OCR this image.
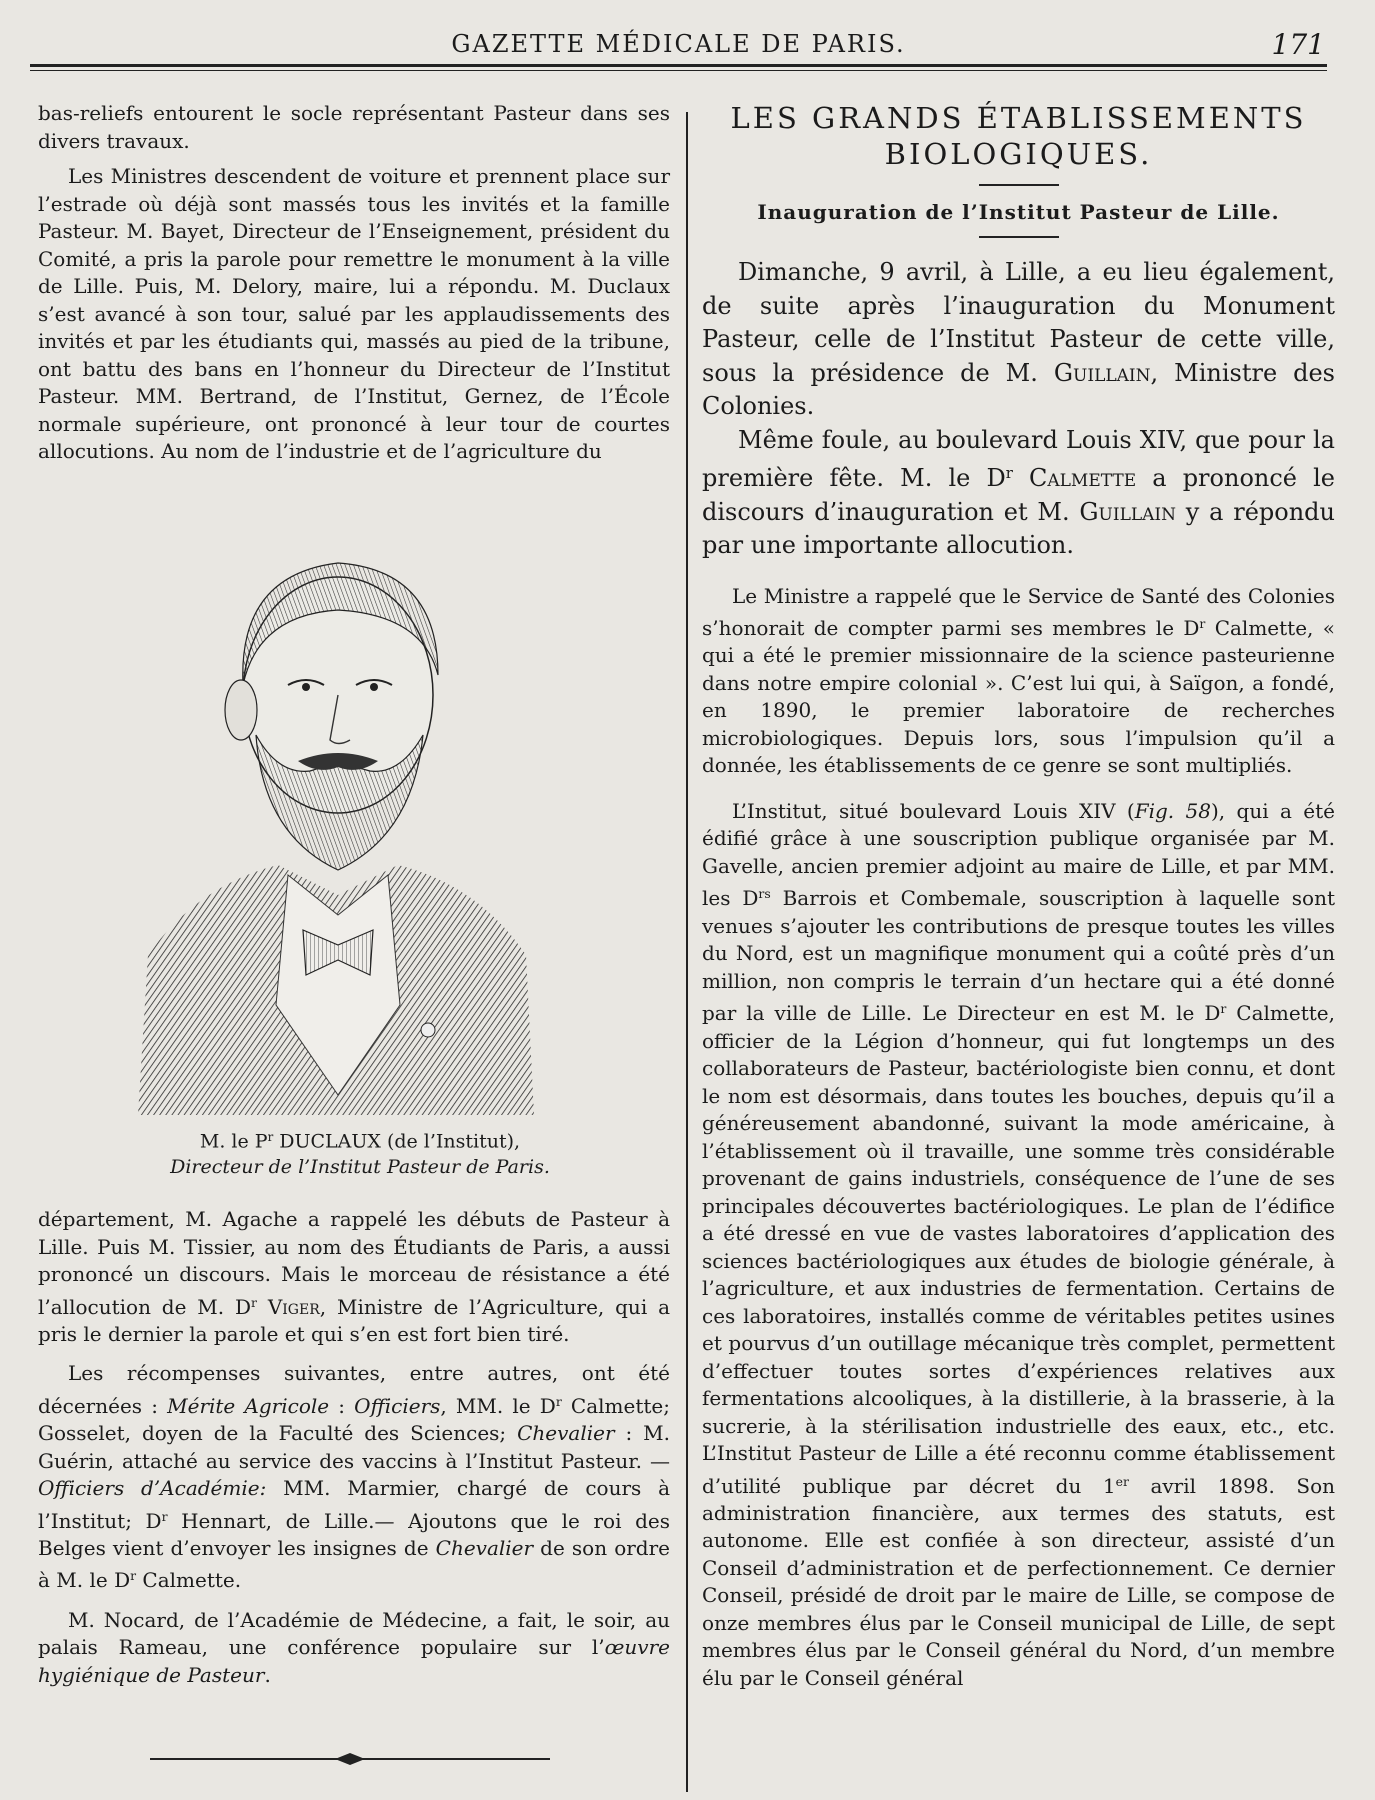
GAZETTE MÉDICALE DE PARIS.	171

bas-reliefs entourent le socle représentant Pasteur dans ses divers travaux.

Les Ministres descendent de voiture et prennent place sur l’estrade où déjà sont massés tous les invités et la famille Pasteur. M. Bayet, Directeur de l’Enseignement, président du Comité, a pris la parole pour remettre le monument à la ville de Lille. Puis, M. Delory, maire, lui a répondu. M. Duclaux s’est avancé à son tour, salué par les applaudissements des invités et par les étudiants qui, massés au pied de la tribune, ont battu des bans en l’honneur du Directeur de l’Institut Pasteur. MM. Bertrand, de l’Institut, Gernez, de l’École normale supérieure, ont prononcé à leur tour de courtes allocutions. Au nom de l’industrie et de l’agriculture du

M. le $P^r$ DUCLAUX (de l’Institut),
Directeur de l’Institut Pasteur de Paris.

département, M. Agache a rappelé les débuts de Pasteur à Lille. Puis M. Tissier, au nom des Étudiants de Paris, a aussi prononcé un discours. Mais le morceau de résistance a été l’allocution de M. $D^r$ Viger, Ministre de l’Agriculture, qui a pris le dernier la parole et qui s’en est fort bien tiré.

Les récompenses suivantes, entre autres, ont été décernées : Mérite Agricole : Officiers, MM. le $D^r$ Calmette; Gosselet, doyen de la Faculté des Sciences; Chevalier : M. Guérin, attaché au service des vaccins à l’Institut Pasteur. — Officiers d’Académie: MM. Marmier, chargé de cours à l’Institut; $D^r$ Hennart, de Lille.— Ajoutons que le roi des Belges vient d’envoyer les insignes de Chevalier de son ordre à M. le $D^r$ Calmette.

M. Nocard, de l’Académie de Médecine, a fait, le soir, au palais Rameau, une conférence populaire sur l’œuvre hygiénique de Pasteur.

LES GRANDS ÉTABLISSEMENTS
BIOLOGIQUES.

Inauguration de l’Institut Pasteur de Lille.

Dimanche, 9 avril, à Lille, a eu lieu également, de suite après l’inauguration du Monument Pasteur, celle de l’Institut Pasteur de cette ville, sous la présidence de M. Guillain, Ministre des Colonies.

Même foule, au boulevard Louis XIV, que pour la première fête. M. le $D^r$ Calmette a prononcé le discours d’inauguration et M. Guillain y a répondu par une importante allocution.

Le Ministre a rappelé que le Service de Santé des Colonies s’honorait de compter parmi ses membres le $D^r$ Calmette, « qui a été le premier missionnaire de la science pasteurienne dans notre empire colonial ». C’est lui qui, à Saïgon, a fondé, en 1890, le premier laboratoire de recherches microbiologiques. Depuis lors, sous l’impulsion qu’il a donnée, les établissements de ce genre se sont multipliés.

L’Institut, situé boulevard Louis XIV (Fig. 58), qui a été édifié grâce à une souscription publique organisée par M. Gavelle, ancien premier adjoint au maire de Lille, et par MM. les $D^{rs}$ Barrois et Combemale, souscription à laquelle sont venues s’ajouter les contributions de presque toutes les villes du Nord, est un magnifique monument qui a coûté près d’un million, non compris le terrain d’un hectare qui a été donné par la ville de Lille. Le Directeur en est M. le $D^r$ Calmette, officier de la Légion d’honneur, qui fut longtemps un des collaborateurs de Pasteur, bactériologiste bien connu, et dont le nom est désormais, dans toutes les bouches, depuis qu’il a généreusement abandonné, suivant la mode américaine, à l’établissement où il travaille, une somme très considérable provenant de gains industriels, conséquence de l’une de ses principales découvertes bactériologiques. Le plan de l’édifice a été dressé en vue de vastes laboratoires d’application des sciences bactériologiques aux études de biologie générale, à l’agriculture, et aux industries de fermentation. Certains de ces laboratoires, installés comme de véritables petites usines et pourvus d’un outillage mécanique très complet, permettent d’effectuer toutes sortes d’expériences relatives aux fermentations alcooliques, à la distillerie, à la brasserie, à la sucrerie, à la stérilisation industrielle des eaux, etc., etc. L’Institut Pasteur de Lille a été reconnu comme établissement d’utilité publique par décret du 1er avril 1898. Son administration financière, aux termes des statuts, est autonome. Elle est confiée à son directeur, assisté d’un Conseil d’administration et de perfectionnement. Ce dernier Conseil, présidé de droit par le maire de Lille, se compose de onze membres élus par le Conseil municipal de Lille, de sept membres élus par le Conseil général du Nord, d’un membre élu par le Conseil général
